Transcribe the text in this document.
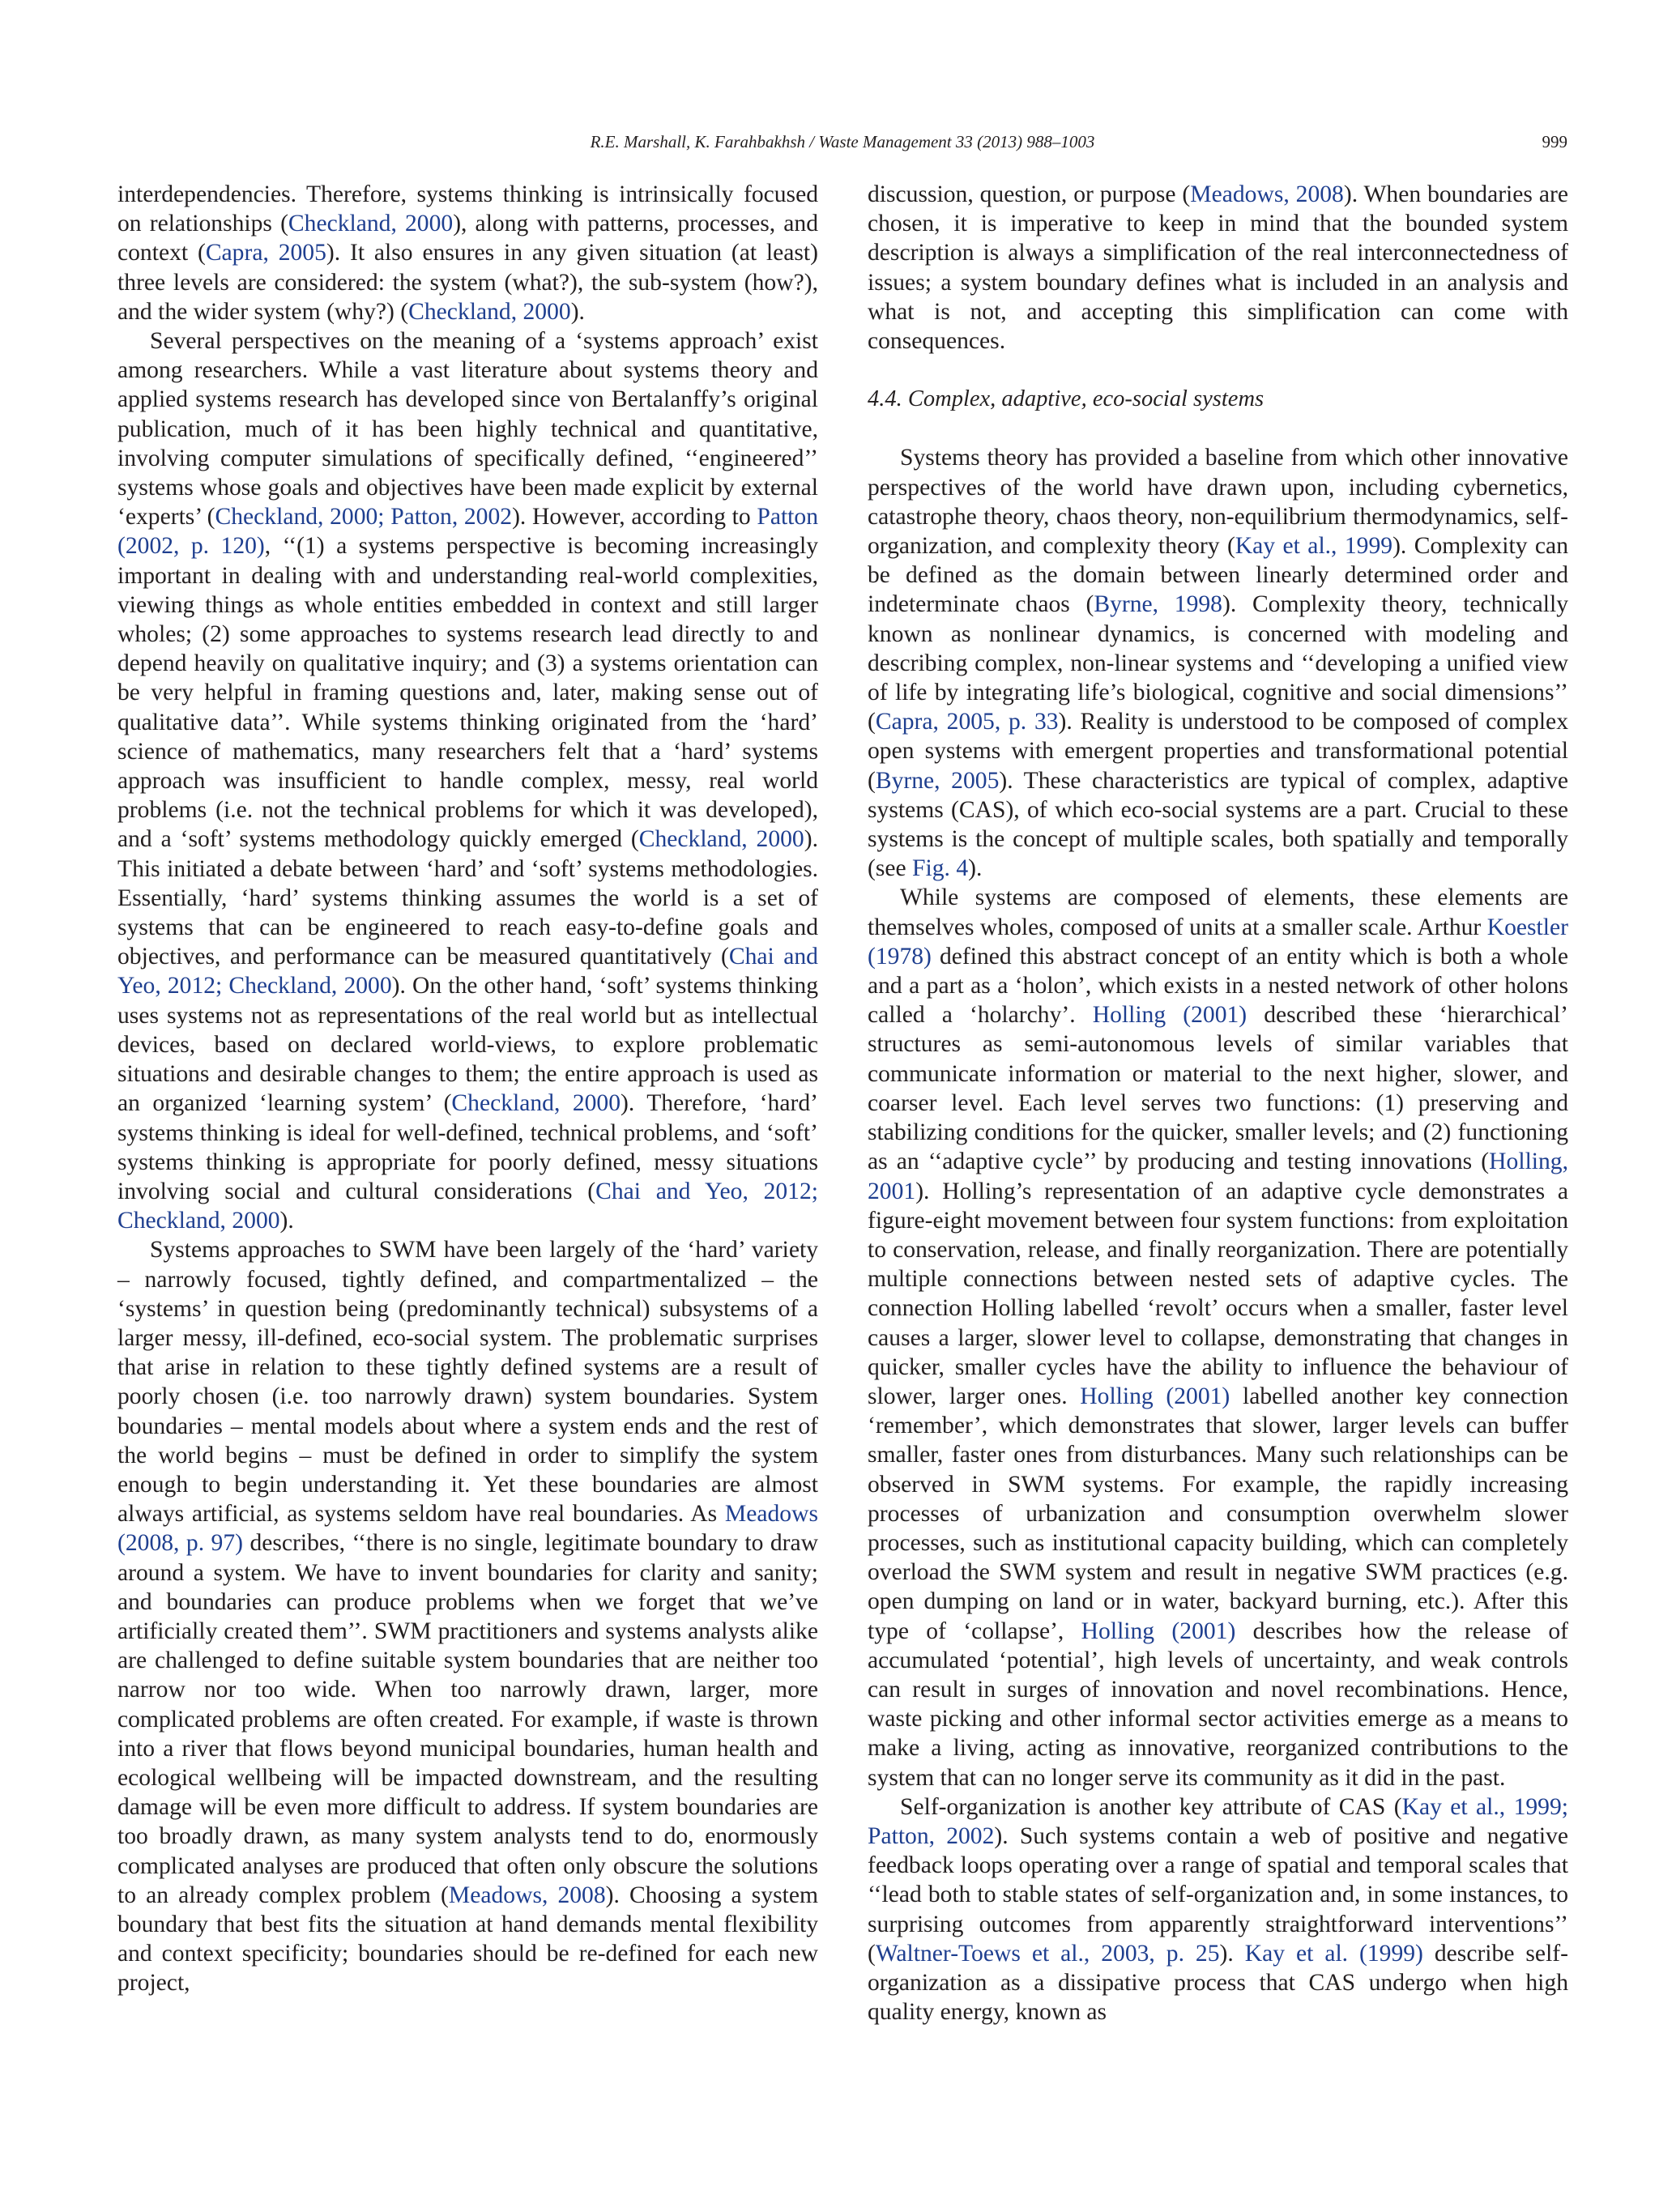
R.E. Marshall, K. Farahbakhsh / Waste Management 33 (2013) 988–1003	999

interdependencies. Therefore, systems thinking is intrinsically focused on relationships (Checkland, 2000), along with patterns, processes, and context (Capra, 2005). It also ensures in any given situation (at least) three levels are considered: the system (what?), the sub-system (how?), and the wider system (why?) (Checkland, 2000).

Several perspectives on the meaning of a ‘systems approach’ exist among researchers. While a vast literature about systems theory and applied systems research has developed since von Bertalanffy’s original publication, much of it has been highly technical and quantitative, involving computer simulations of specifically defined, ‘‘engineered’’ systems whose goals and objectives have been made explicit by external ‘experts’ (Checkland, 2000; Patton, 2002). However, according to Patton (2002, p. 120), ‘‘(1) a systems perspective is becoming increasingly important in dealing with and understanding real-world complexities, viewing things as whole entities embedded in context and still larger wholes; (2) some approaches to systems research lead directly to and depend heavily on qualitative inquiry; and (3) a systems orientation can be very helpful in framing questions and, later, making sense out of qualitative data’’. While systems thinking originated from the ‘hard’ science of mathematics, many researchers felt that a ‘hard’ systems approach was insufficient to handle complex, messy, real world problems (i.e. not the technical problems for which it was developed), and a ‘soft’ systems methodology quickly emerged (Checkland, 2000). This initiated a debate between ‘hard’ and ‘soft’ systems methodologies. Essentially, ‘hard’ systems thinking assumes the world is a set of systems that can be engineered to reach easy-to-define goals and objectives, and performance can be measured quantitatively (Chai and Yeo, 2012; Checkland, 2000). On the other hand, ‘soft’ systems thinking uses systems not as representations of the real world but as intellectual devices, based on declared world-views, to explore problematic situations and desirable changes to them; the entire approach is used as an organized ‘learning system’ (Checkland, 2000). Therefore, ‘hard’ systems thinking is ideal for well-defined, technical problems, and ‘soft’ systems thinking is appropriate for poorly defined, messy situations involving social and cultural considerations (Chai and Yeo, 2012; Checkland, 2000).

Systems approaches to SWM have been largely of the ‘hard’ variety – narrowly focused, tightly defined, and compartmentalized – the ‘systems’ in question being (predominantly technical) subsystems of a larger messy, ill-defined, eco-social system. The problematic surprises that arise in relation to these tightly defined systems are a result of poorly chosen (i.e. too narrowly drawn) system boundaries. System boundaries – mental models about where a system ends and the rest of the world begins – must be defined in order to simplify the system enough to begin understanding it. Yet these boundaries are almost always artificial, as systems seldom have real boundaries. As Meadows (2008, p. 97) describes, ‘‘there is no single, legitimate boundary to draw around a system. We have to invent boundaries for clarity and sanity; and boundaries can produce problems when we forget that we’ve artificially created them’’. SWM practitioners and systems analysts alike are challenged to define suitable system boundaries that are neither too narrow nor too wide. When too narrowly drawn, larger, more complicated problems are often created. For example, if waste is thrown into a river that flows beyond municipal boundaries, human health and ecological wellbeing will be impacted downstream, and the resulting damage will be even more difficult to address. If system boundaries are too broadly drawn, as many system analysts tend to do, enormously complicated analyses are produced that often only obscure the solutions to an already complex problem (Meadows, 2008). Choosing a system boundary that best fits the situation at hand demands mental flexibility and context specificity; boundaries should be re-defined for each new project,

discussion, question, or purpose (Meadows, 2008). When boundaries are chosen, it is imperative to keep in mind that the bounded system description is always a simplification of the real interconnectedness of issues; a system boundary defines what is included in an analysis and what is not, and accepting this simplification can come with consequences.

4.4. Complex, adaptive, eco-social systems

Systems theory has provided a baseline from which other innovative perspectives of the world have drawn upon, including cybernetics, catastrophe theory, chaos theory, non-equilibrium thermodynamics, self-organization, and complexity theory (Kay et al., 1999). Complexity can be defined as the domain between linearly determined order and indeterminate chaos (Byrne, 1998). Complexity theory, technically known as nonlinear dynamics, is concerned with modeling and describing complex, non-linear systems and ‘‘developing a unified view of life by integrating life’s biological, cognitive and social dimensions’’ (Capra, 2005, p. 33). Reality is understood to be composed of complex open systems with emergent properties and transformational potential (Byrne, 2005). These characteristics are typical of complex, adaptive systems (CAS), of which eco-social systems are a part. Crucial to these systems is the concept of multiple scales, both spatially and temporally (see Fig. 4).

While systems are composed of elements, these elements are themselves wholes, composed of units at a smaller scale. Arthur Koestler (1978) defined this abstract concept of an entity which is both a whole and a part as a ‘holon’, which exists in a nested network of other holons called a ‘holarchy’. Holling (2001) described these ‘hierarchical’ structures as semi-autonomous levels of similar variables that communicate information or material to the next higher, slower, and coarser level. Each level serves two functions: (1) preserving and stabilizing conditions for the quicker, smaller levels; and (2) functioning as an ‘‘adaptive cycle’’ by producing and testing innovations (Holling, 2001). Holling’s representation of an adaptive cycle demonstrates a figure-eight movement between four system functions: from exploitation to conservation, release, and finally reorganization. There are potentially multiple connections between nested sets of adaptive cycles. The connection Holling labelled ‘revolt’ occurs when a smaller, faster level causes a larger, slower level to collapse, demonstrating that changes in quicker, smaller cycles have the ability to influence the behaviour of slower, larger ones. Holling (2001) labelled another key connection ‘remember’, which demonstrates that slower, larger levels can buffer smaller, faster ones from disturbances. Many such relationships can be observed in SWM systems. For example, the rapidly increasing processes of urbanization and consumption overwhelm slower processes, such as institutional capacity building, which can completely overload the SWM system and result in negative SWM practices (e.g. open dumping on land or in water, backyard burning, etc.). After this type of ‘collapse’, Holling (2001) describes how the release of accumulated ‘potential’, high levels of uncertainty, and weak controls can result in surges of innovation and novel recombinations. Hence, waste picking and other informal sector activities emerge as a means to make a living, acting as innovative, reorganized contributions to the system that can no longer serve its community as it did in the past.

Self-organization is another key attribute of CAS (Kay et al., 1999; Patton, 2002). Such systems contain a web of positive and negative feedback loops operating over a range of spatial and temporal scales that ‘‘lead both to stable states of self-organization and, in some instances, to surprising outcomes from apparently straightforward interventions’’ (Waltner-Toews et al., 2003, p. 25). Kay et al. (1999) describe self-organization as a dissipative process that CAS undergo when high quality energy, known as
